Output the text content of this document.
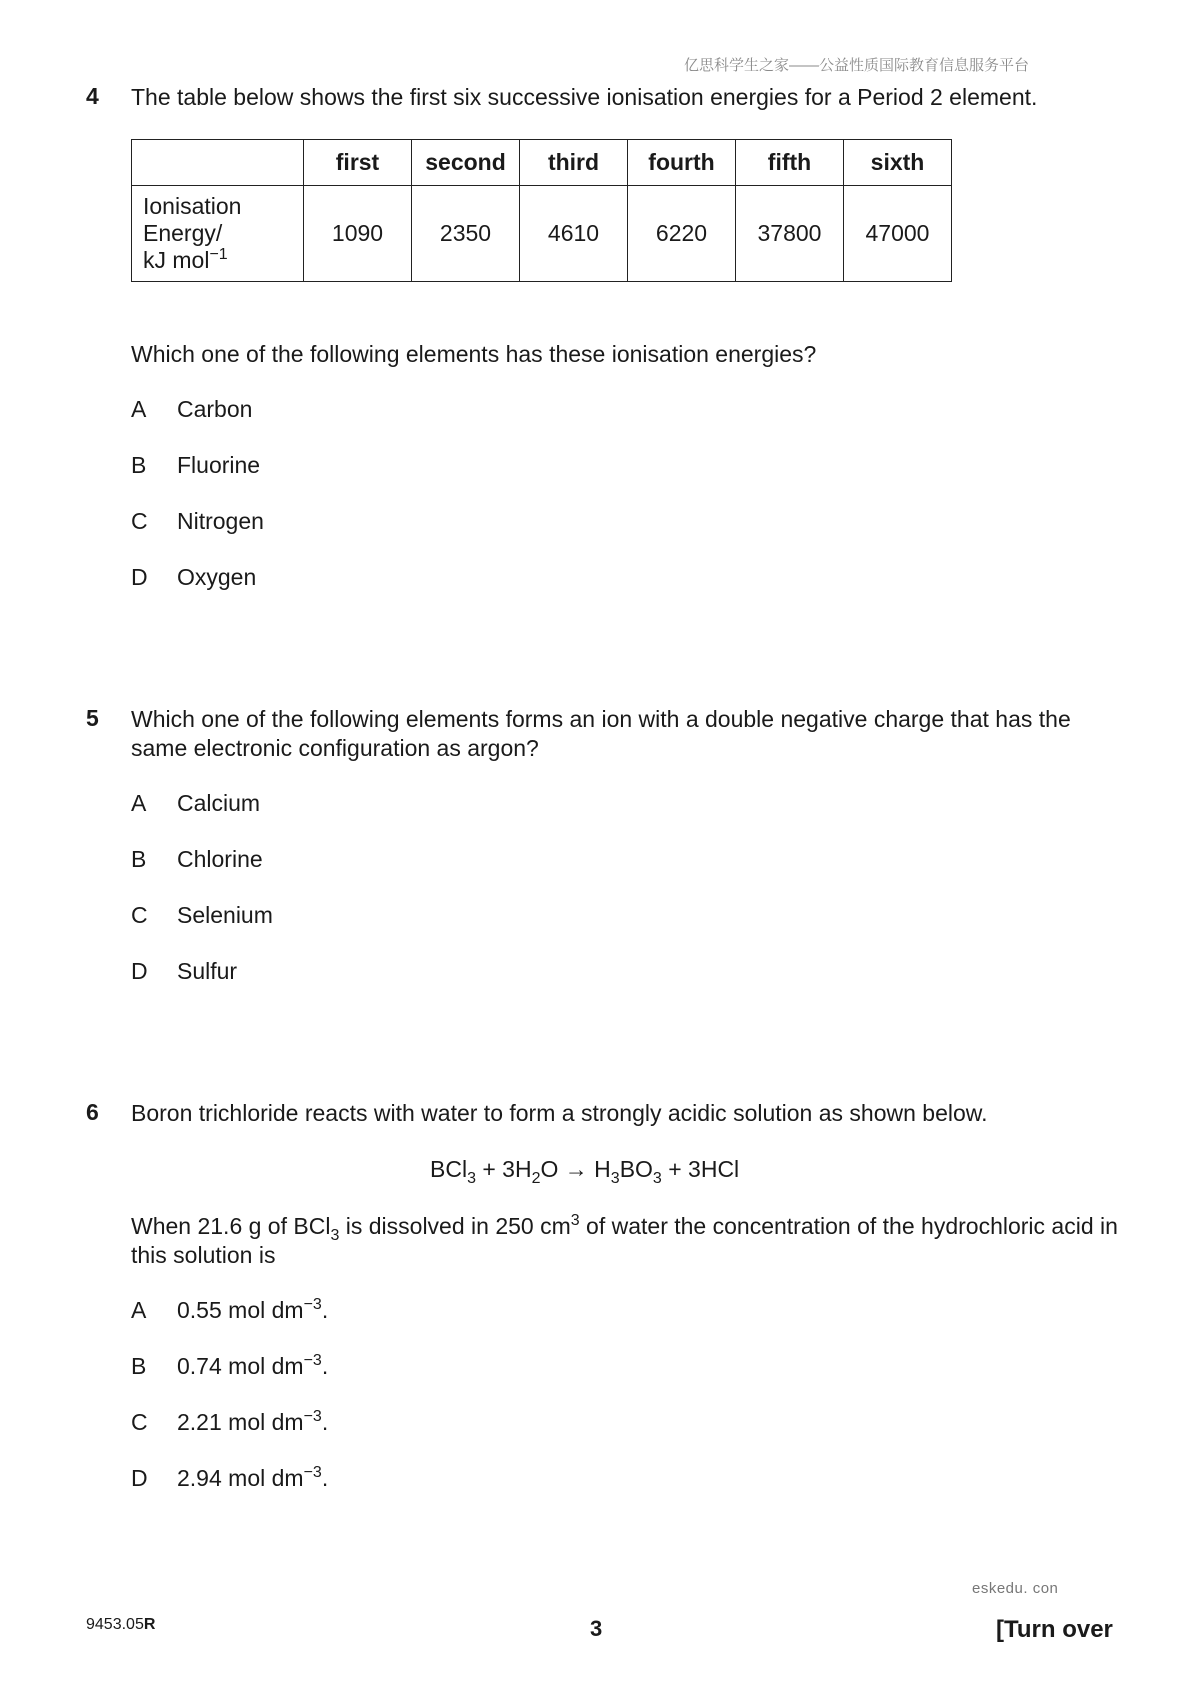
亿思科学生之家——公益性质国际教育信息服务平台
4 The table below shows the first six successive ionisation energies for a Period 2 element.
	first	second	third	fourth	fifth	sixth
Ionisation
Energy/
kJ mol$^{-1}$	1090	2350	4610	6220	37800	47000
Which one of the following elements has these ionisation energies?
A Carbon
B Fluorine
C Nitrogen
D Oxygen
5 Which one of the following elements forms an ion with a double negative charge that has the same electronic configuration as argon?
A Calcium
B Chlorine
C Selenium
D Sulfur
6 Boron trichloride reacts with water to form a strongly acidic solution as shown below.
$BCl_3 + 3H_2O \to H_3BO_3 + 3HCl$
When 21.6 g of BCl$_3$ is dissolved in 250 $cm^3$ of water the concentration of the hydrochloric acid in this solution is
A 0.55 mol $dm^{-3}$.
B 0.74 mol $dm^{-3}$.
C 2.21 mol $dm^{-3}$.
D 2.94 mol $dm^{-3}$.
eskedu. con
9453.05R	3	[Turn over
